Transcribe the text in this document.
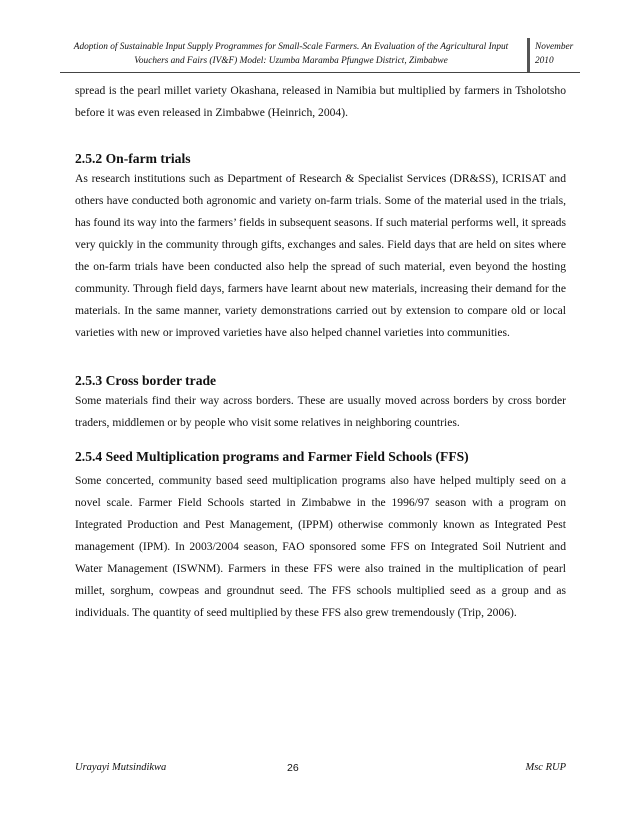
Adoption of Sustainable Input Supply Programmes for Small-Scale Farmers. An Evaluation of the Agricultural Input
Vouchers and Fairs (IV&F) Model: Uzumba Maramba Pfungwe District, Zimbabwe
November
2010

spread is the pearl millet variety Okashana, released in Namibia but multiplied by farmers in Tsholotsho before it was even released in Zimbabwe (Heinrich, 2004).

2.5.2 On-farm trials

As research institutions such as Department of Research & Specialist Services (DR&SS), ICRISAT and others have conducted both agronomic and variety on-farm trials. Some of the material used in the trials, has found its way into the farmers’ fields in subsequent seasons. If such material performs well, it spreads very quickly in the community through gifts, exchanges and sales. Field days that are held on sites where the on-farm trials have been conducted also help the spread of such material, even beyond the hosting community. Through field days, farmers have learnt about new materials, increasing their demand for the materials. In the same manner, variety demonstrations carried out by extension to compare old or local varieties with new or improved varieties have also helped channel varieties into communities.

2.5.3 Cross border trade

Some materials find their way across borders. These are usually moved across borders by cross border traders, middlemen or by people who visit some relatives in neighboring countries.

2.5.4 Seed Multiplication programs and Farmer Field Schools (FFS)

Some concerted, community based seed multiplication programs also have helped multiply seed on a novel scale. Farmer Field Schools started in Zimbabwe in the 1996/97 season with a program on Integrated Production and Pest Management, (IPPM) otherwise commonly known as Integrated Pest management (IPM). In 2003/2004 season, FAO sponsored some FFS on Integrated Soil Nutrient and Water Management (ISWNM). Farmers in these FFS were also trained in the multiplication of pearl millet, sorghum, cowpeas and groundnut seed. The FFS schools multiplied seed as a group and as individuals. The quantity of seed multiplied by these FFS also grew tremendously (Trip, 2006).

Urayayi Mutsindikwa	26	Msc RUP
